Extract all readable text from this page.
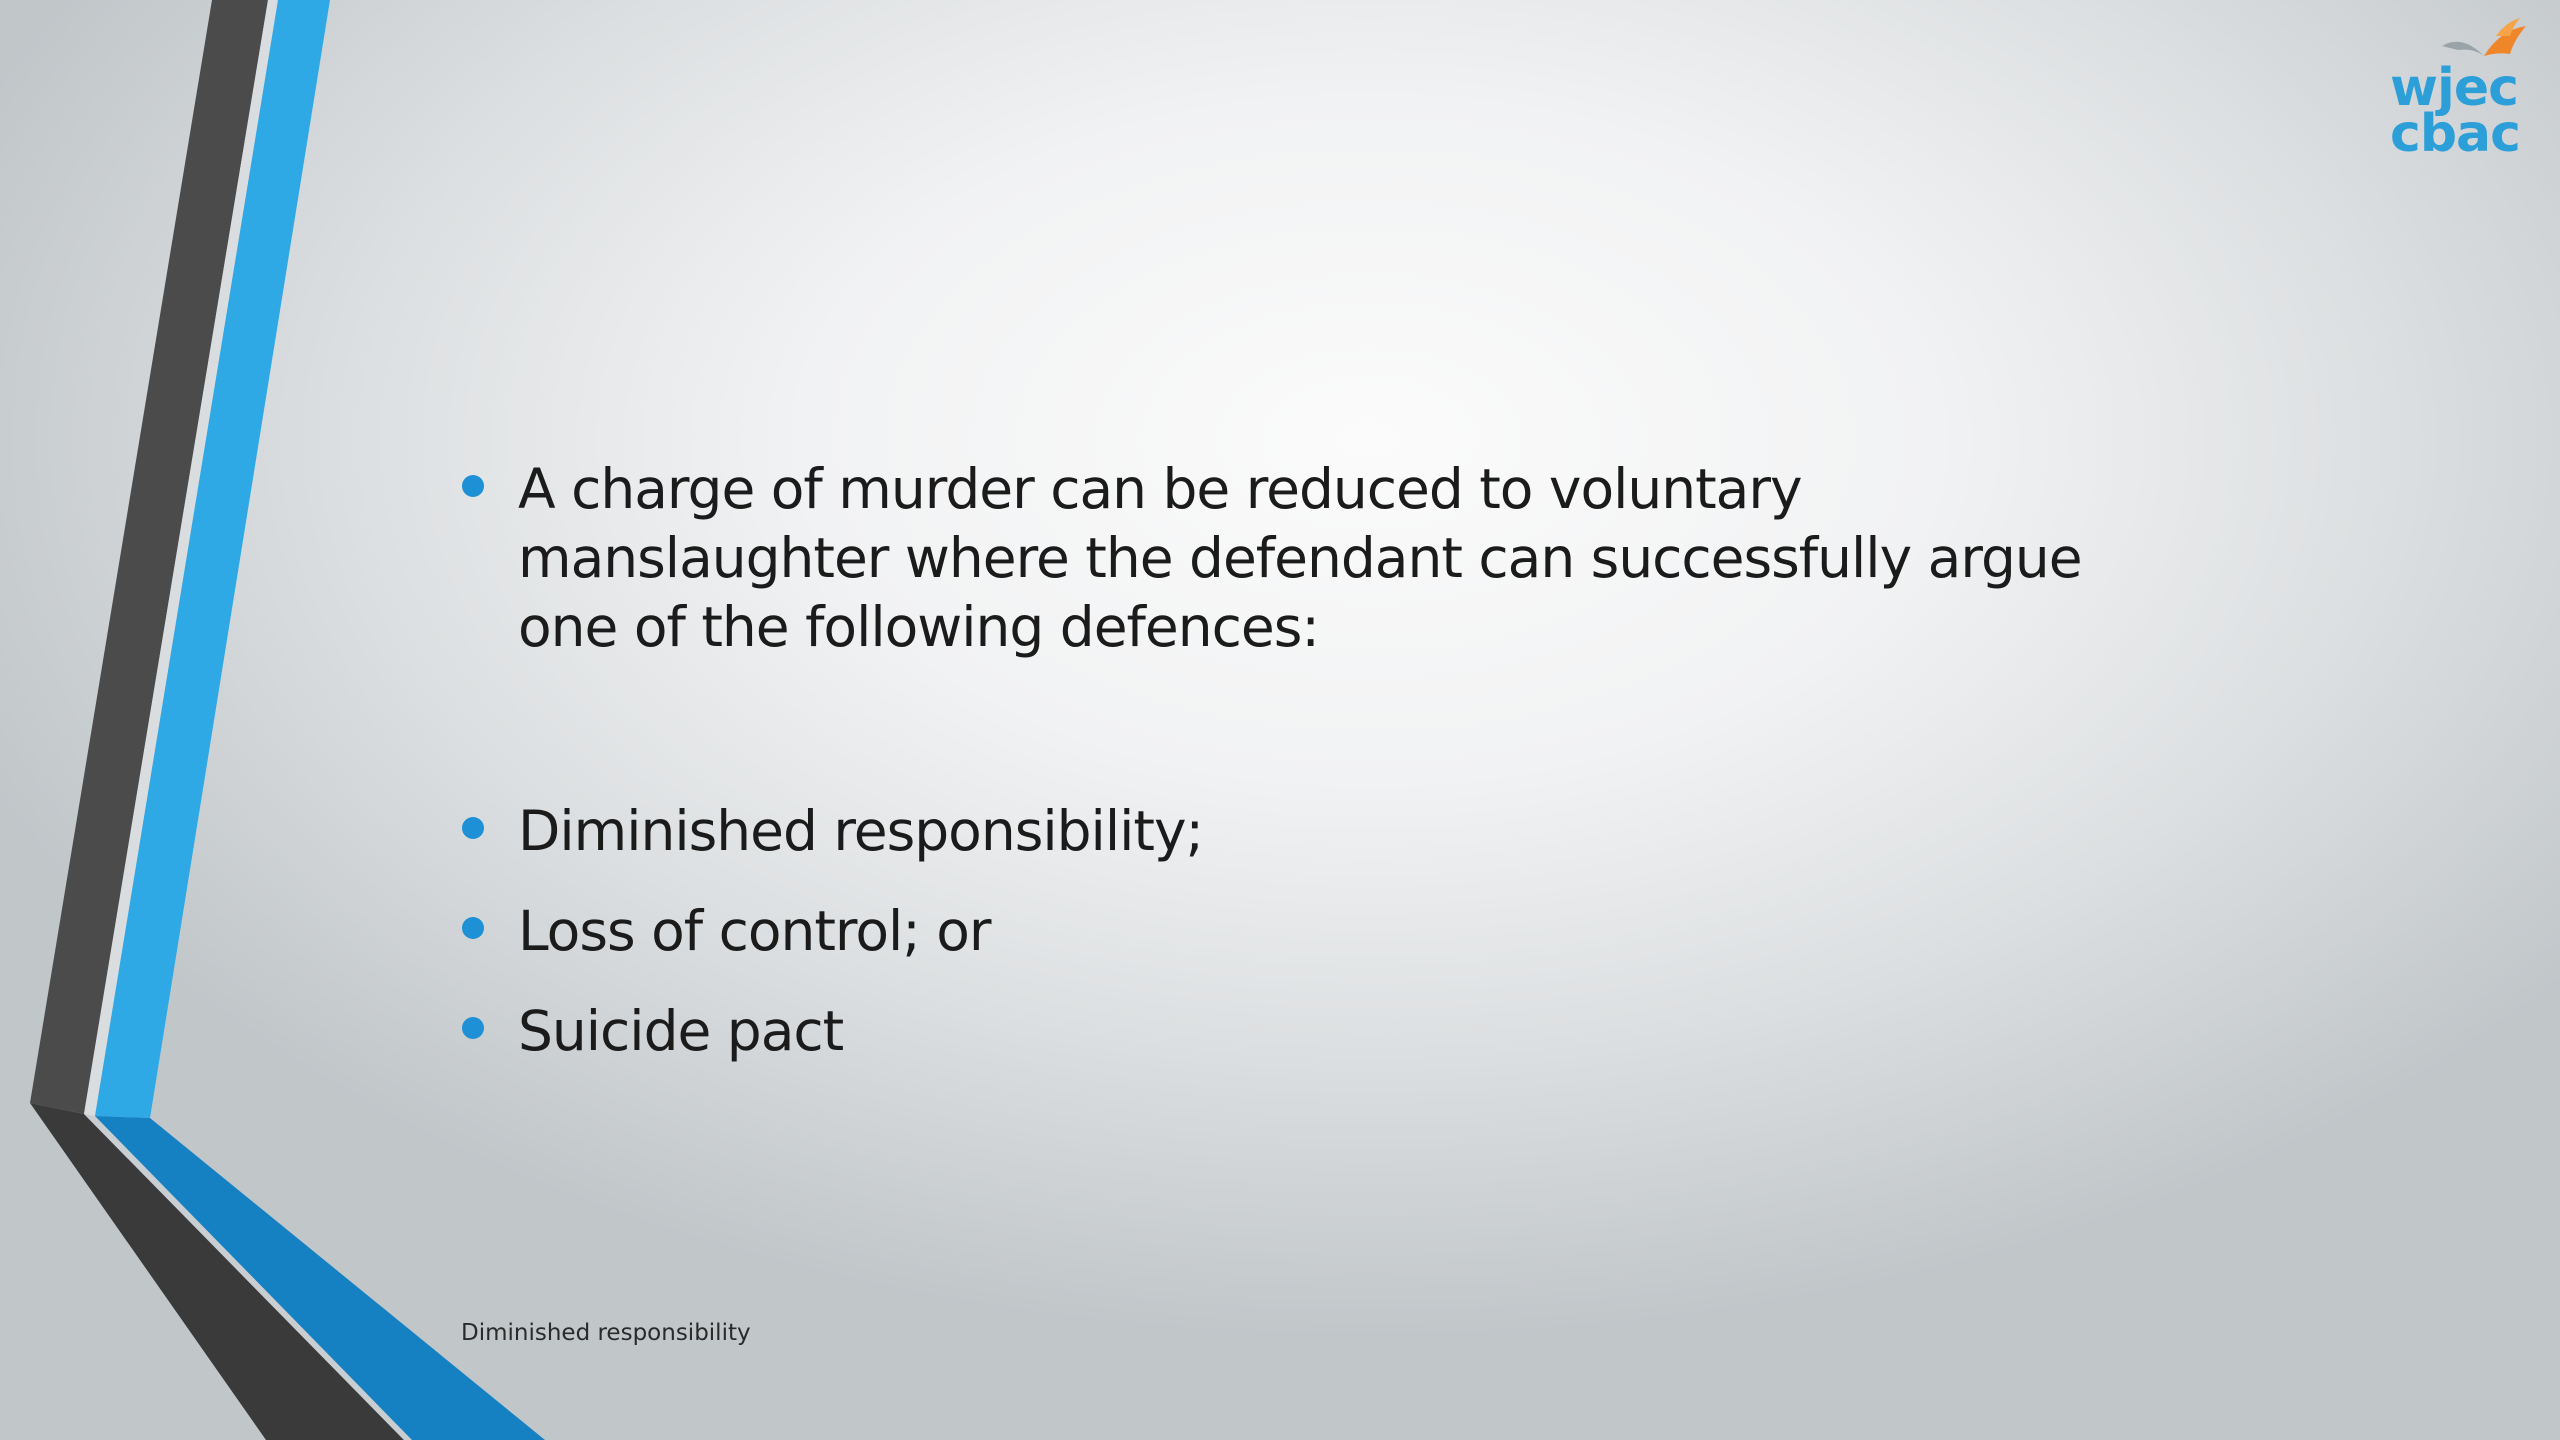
wjec
cbac
A charge of murder can be reduced to voluntary manslaughter where the defendant can successfully argue one of the following defences:
Diminished responsibility;
Loss of control; or
Suicide pact
Diminished responsibility
